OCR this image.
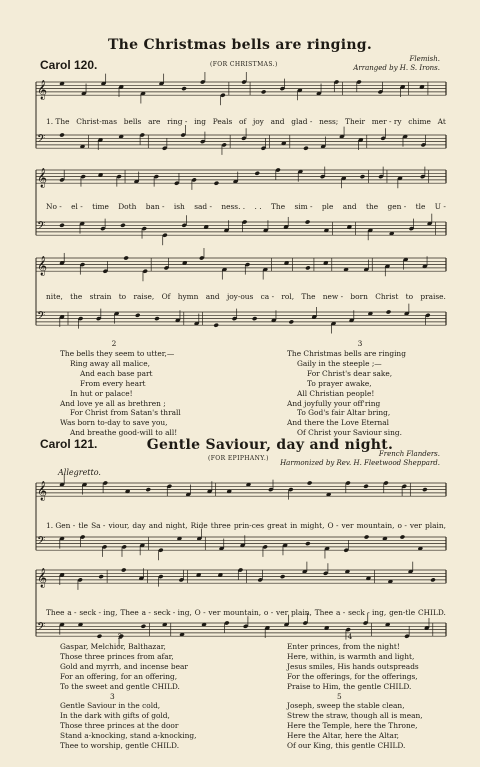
𝄞
𝄢
𝄞
𝄢
𝄞
𝄢
𝄞
𝄢
𝄞
𝄢
The Christmas bells are ringing.
Carol 120.	(FOR CHRISTMAS.)
Flemish.
Arranged by H. S. Irons.
1. The Christ-mas bells are ring - ing Peals of joy and glad - ness; Their mer - ry chime At
No - el - time Doth ban - ish sad - ness. . . . The sim - ple and the gen - tle U -
nite, the strain to raise, Of hymn and joy-ous ca - rol, The new - born Christ to praise.
2
The bells they seem to utter,—
Ring away all malice,
And each base part
From every heart
In hut or palace!
And love ye all as brethren ;
For Christ from Satan's thrall
Was born to-day to save you,
And breathe good-will to all!
3
The Christmas bells are ringing
Gaily in the steeple ;—
For Christ's dear sake,
To prayer awake,
All Christian people!
And joyfully your off'ring
To God's fair Altar bring,
And there the Love Eternal
Of Christ your Saviour sing.
Gentle Saviour, day and night.
Carol 121.
(FOR EPIPHANY.)
French Flanders.
Harmonized by Rev. H. Fleetwood Sheppard.
Allegretto.
1. Gen - tle Sa - viour, day and night, Ride three prin-ces great in might, O - ver mountain, o - ver plain,
Thee a - seck - ing, Thee a - seck - ing, O - ver mountain, o - ver plain, Thee a - seck - ing, gen-tle CHILD.
2
Gaspar, Melchior, Balthazar,
Those three princes from afar,
Gold and myrrh, and incense bear
For an offering, for an offering,
To the sweet and gentle CHILD.
3
Gentle Saviour in the cold,
In the dark with gifts of gold,
Those three princes at the door
Stand a-knocking, stand a-knocking,
Thee to worship, gentle CHILD.
4
Enter princes, from the night!
Here, within, is warmth and light,
Jesus smiles, His hands outspreads
For the offerings, for the offerings,
Praise to Him, the gentle CHILD.
5
Joseph, sweep the stable clean,
Strew the straw, though all is mean,
Here the Temple, here the Throne,
Here the Altar, here the Altar,
Of our King, this gentle CHILD.
